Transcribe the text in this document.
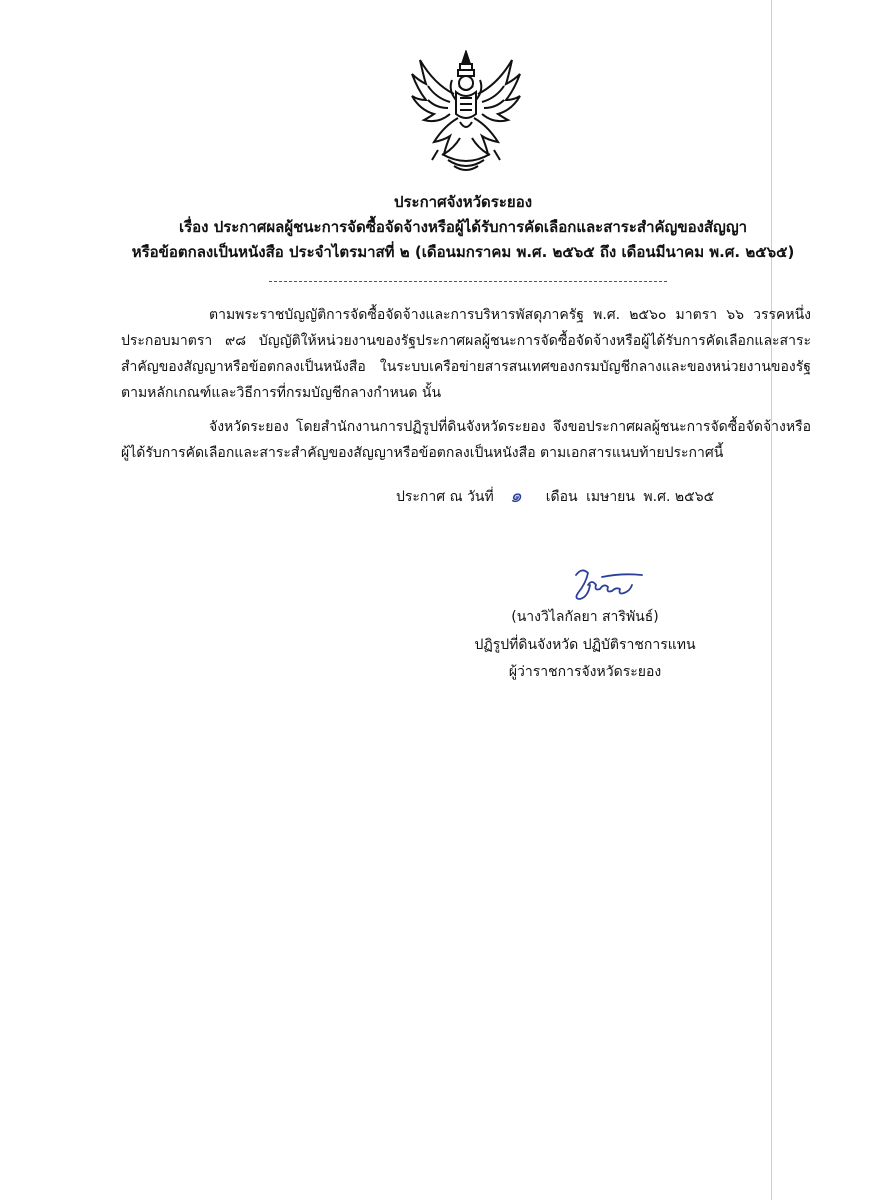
ประกาศจังหวัดระยอง
เรื่อง ประกาศผลผู้ชนะการจัดซื้อจัดจ้างหรือผู้ได้รับการคัดเลือกและสาระสำคัญของสัญญา
หรือข้อตกลงเป็นหนังสือ ประจำไตรมาสที่ ๒ (เดือนมกราคม พ.ศ. ๒๕๖๕ ถึง เดือนมีนาคม พ.ศ. ๒๕๖๕)
ตามพระราชบัญญัติการจัดซื้อจัดจ้างและการบริหารพัสดุภาครัฐ พ.ศ. ๒๕๖๐ มาตรา ๖๖ วรรคหนึ่ง ประกอบมาตรา ๙๘ บัญญัติให้หน่วยงานของรัฐประกาศผลผู้ชนะการจัดซื้อจัดจ้างหรือผู้ได้รับการคัดเลือกและสาระสำคัญของสัญญาหรือข้อตกลงเป็นหนังสือ ในระบบเครือข่ายสารสนเทศของกรมบัญชีกลางและของหน่วยงานของรัฐตามหลักเกณฑ์และวิธีการที่กรมบัญชีกลางกำหนด นั้น
จังหวัดระยอง โดยสำนักงานการปฏิรูปที่ดินจังหวัดระยอง จึงขอประกาศผลผู้ชนะการจัดซื้อจัดจ้างหรือผู้ได้รับการคัดเลือกและสาระสำคัญของสัญญาหรือข้อตกลงเป็นหนังสือ ตามเอกสารแนบท้ายประกาศนี้
ประกาศ ณ วันที่ ๑ เดือน เมษายน พ.ศ. ๒๕๖๕
(นางวิไลกัลยา สาริพันธ์)
ปฏิรูปที่ดินจังหวัด ปฏิบัติราชการแทน
ผู้ว่าราชการจังหวัดระยอง
